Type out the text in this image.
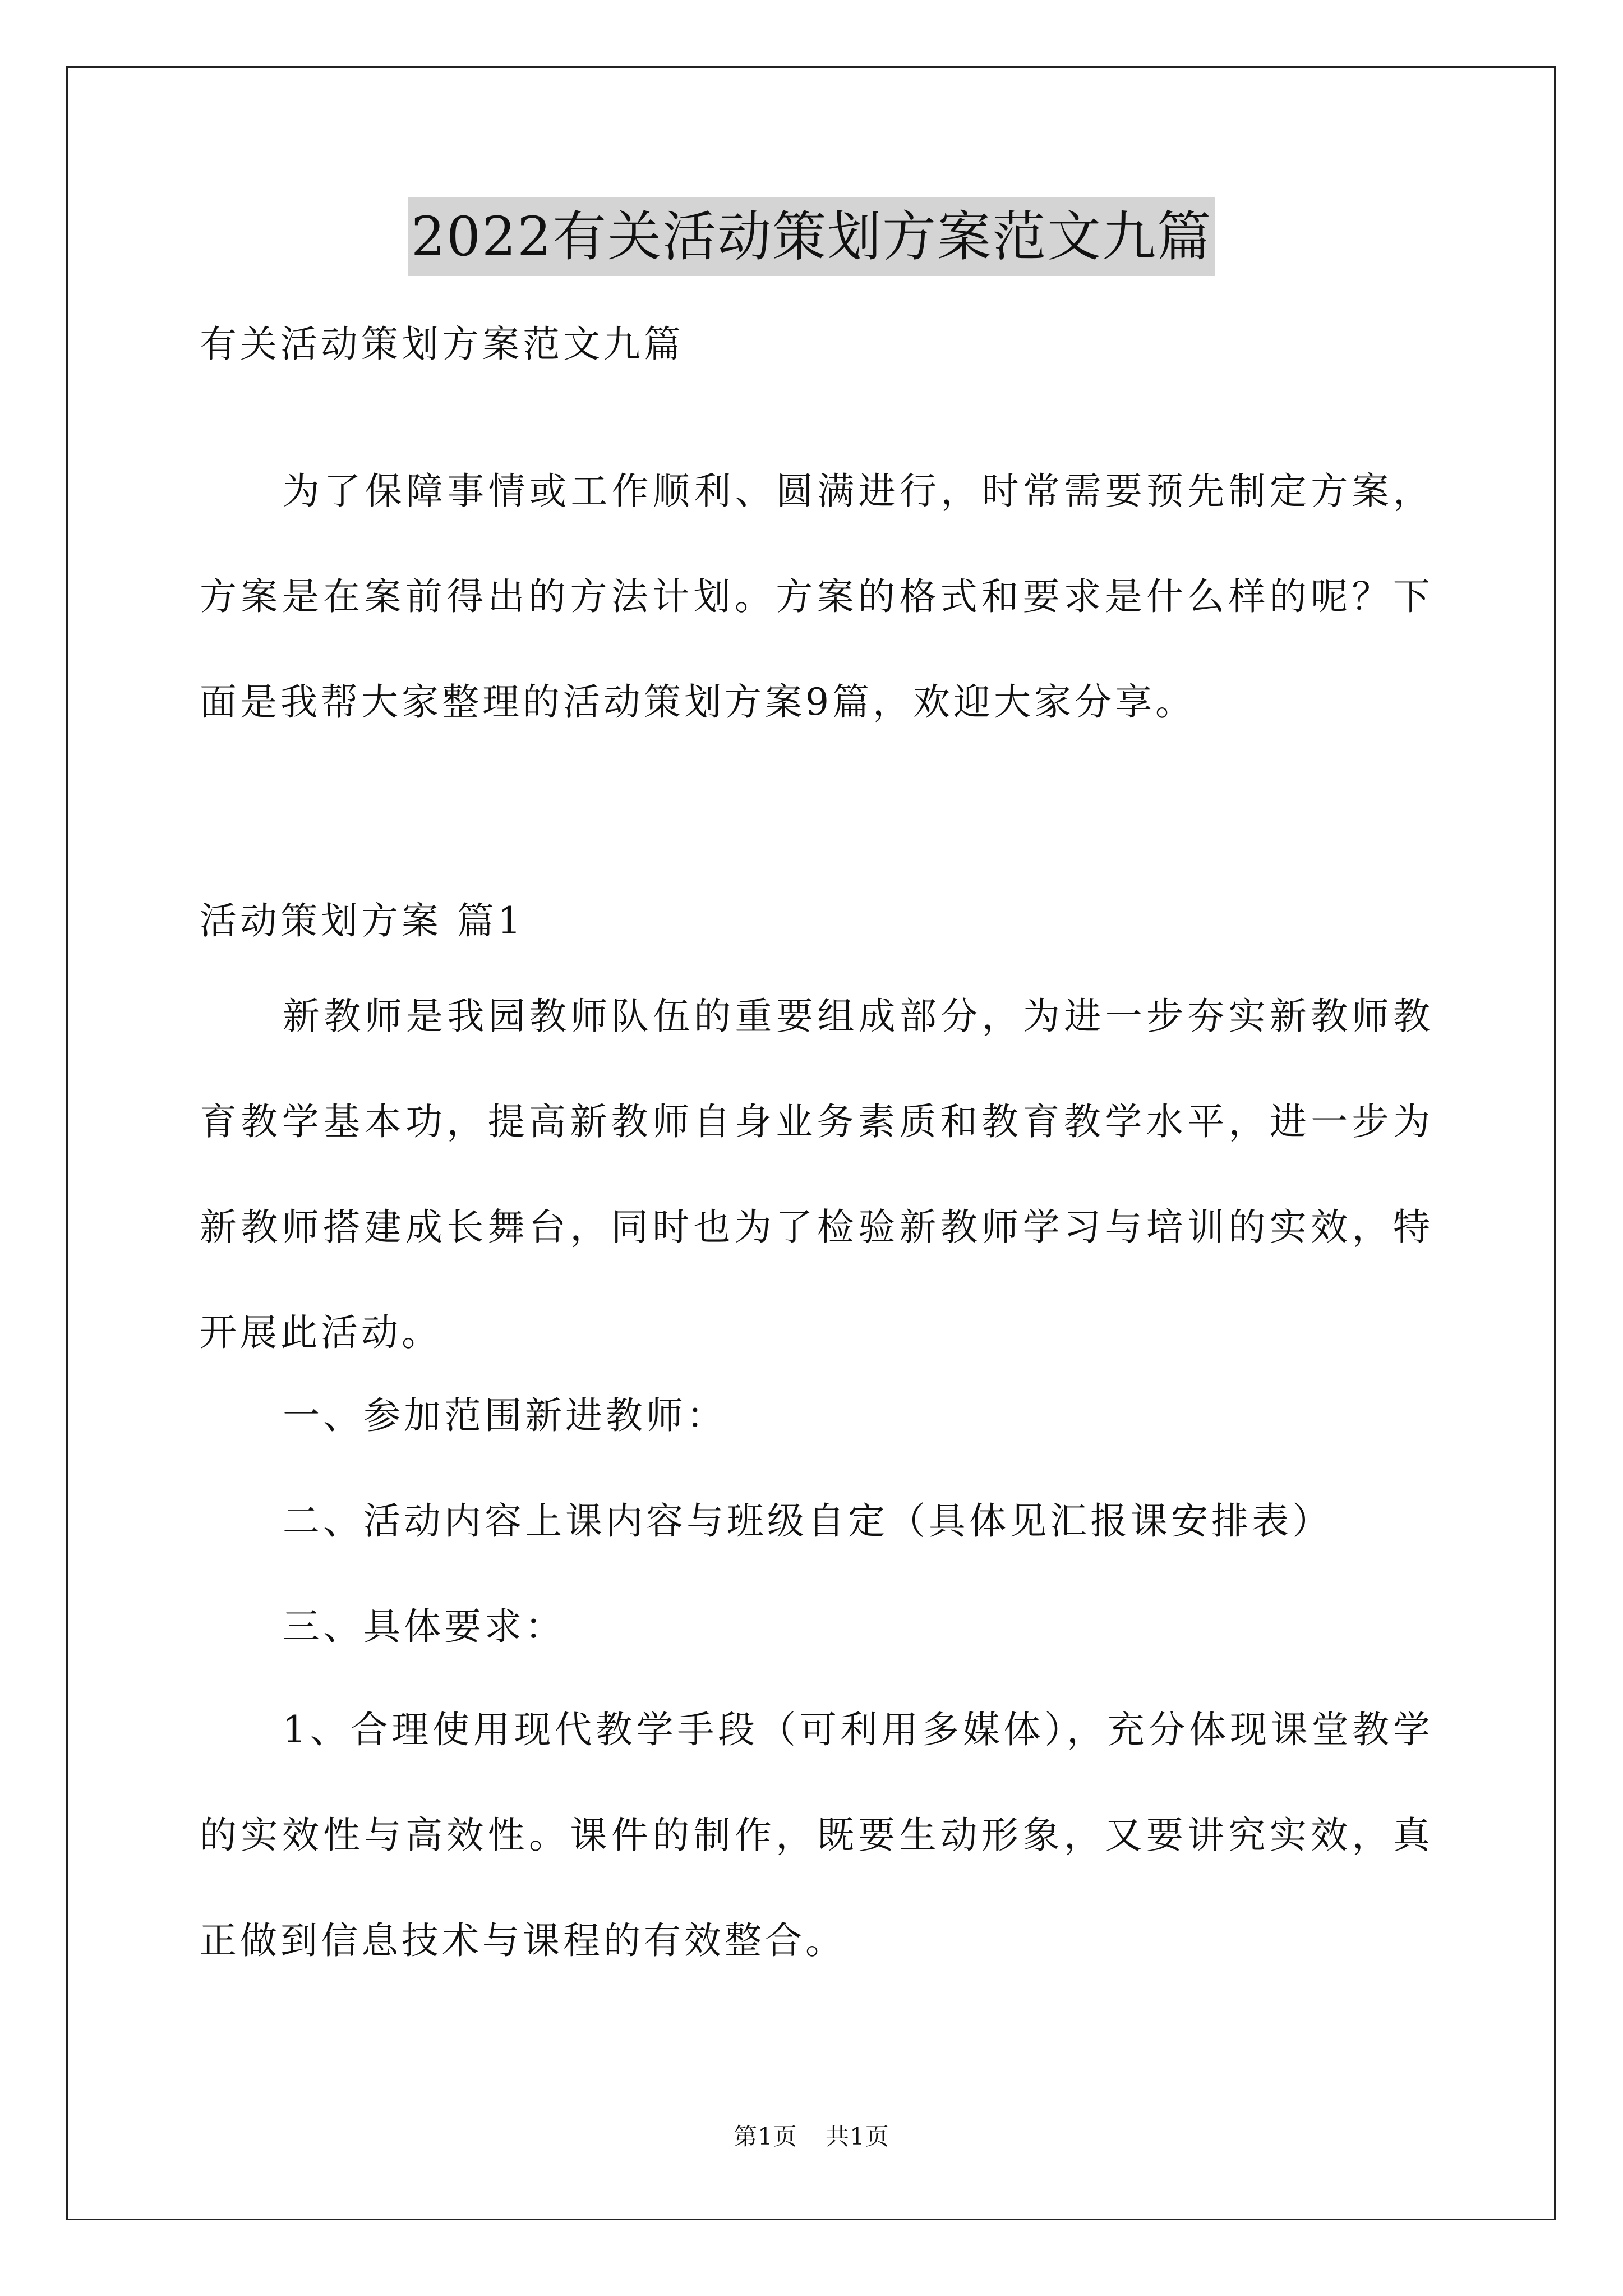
2022有关活动策划方案范文九篇
有关活动策划方案范文九篇
为了保障事情或工作顺利、圆满进行，时常需要预先制定方案，方案是在案前得出的方法计划。方案的格式和要求是什么样的呢？下面是我帮大家整理的活动策划方案9篇，欢迎大家分享。
活动策划方案 篇1
新教师是我园教师队伍的重要组成部分，为进一步夯实新教师教育教学基本功，提高新教师自身业务素质和教育教学水平，进一步为新教师搭建成长舞台，同时也为了检验新教师学习与培训的实效，特开展此活动。
一、参加范围新进教师：
二、活动内容上课内容与班级自定（具体见汇报课安排表）
三、具体要求：
1、合理使用现代教学手段（可利用多媒体），充分体现课堂教学的实效性与高效性。课件的制作，既要生动形象，又要讲究实效，真正做到信息技术与课程的有效整合。
第1页 共1页
